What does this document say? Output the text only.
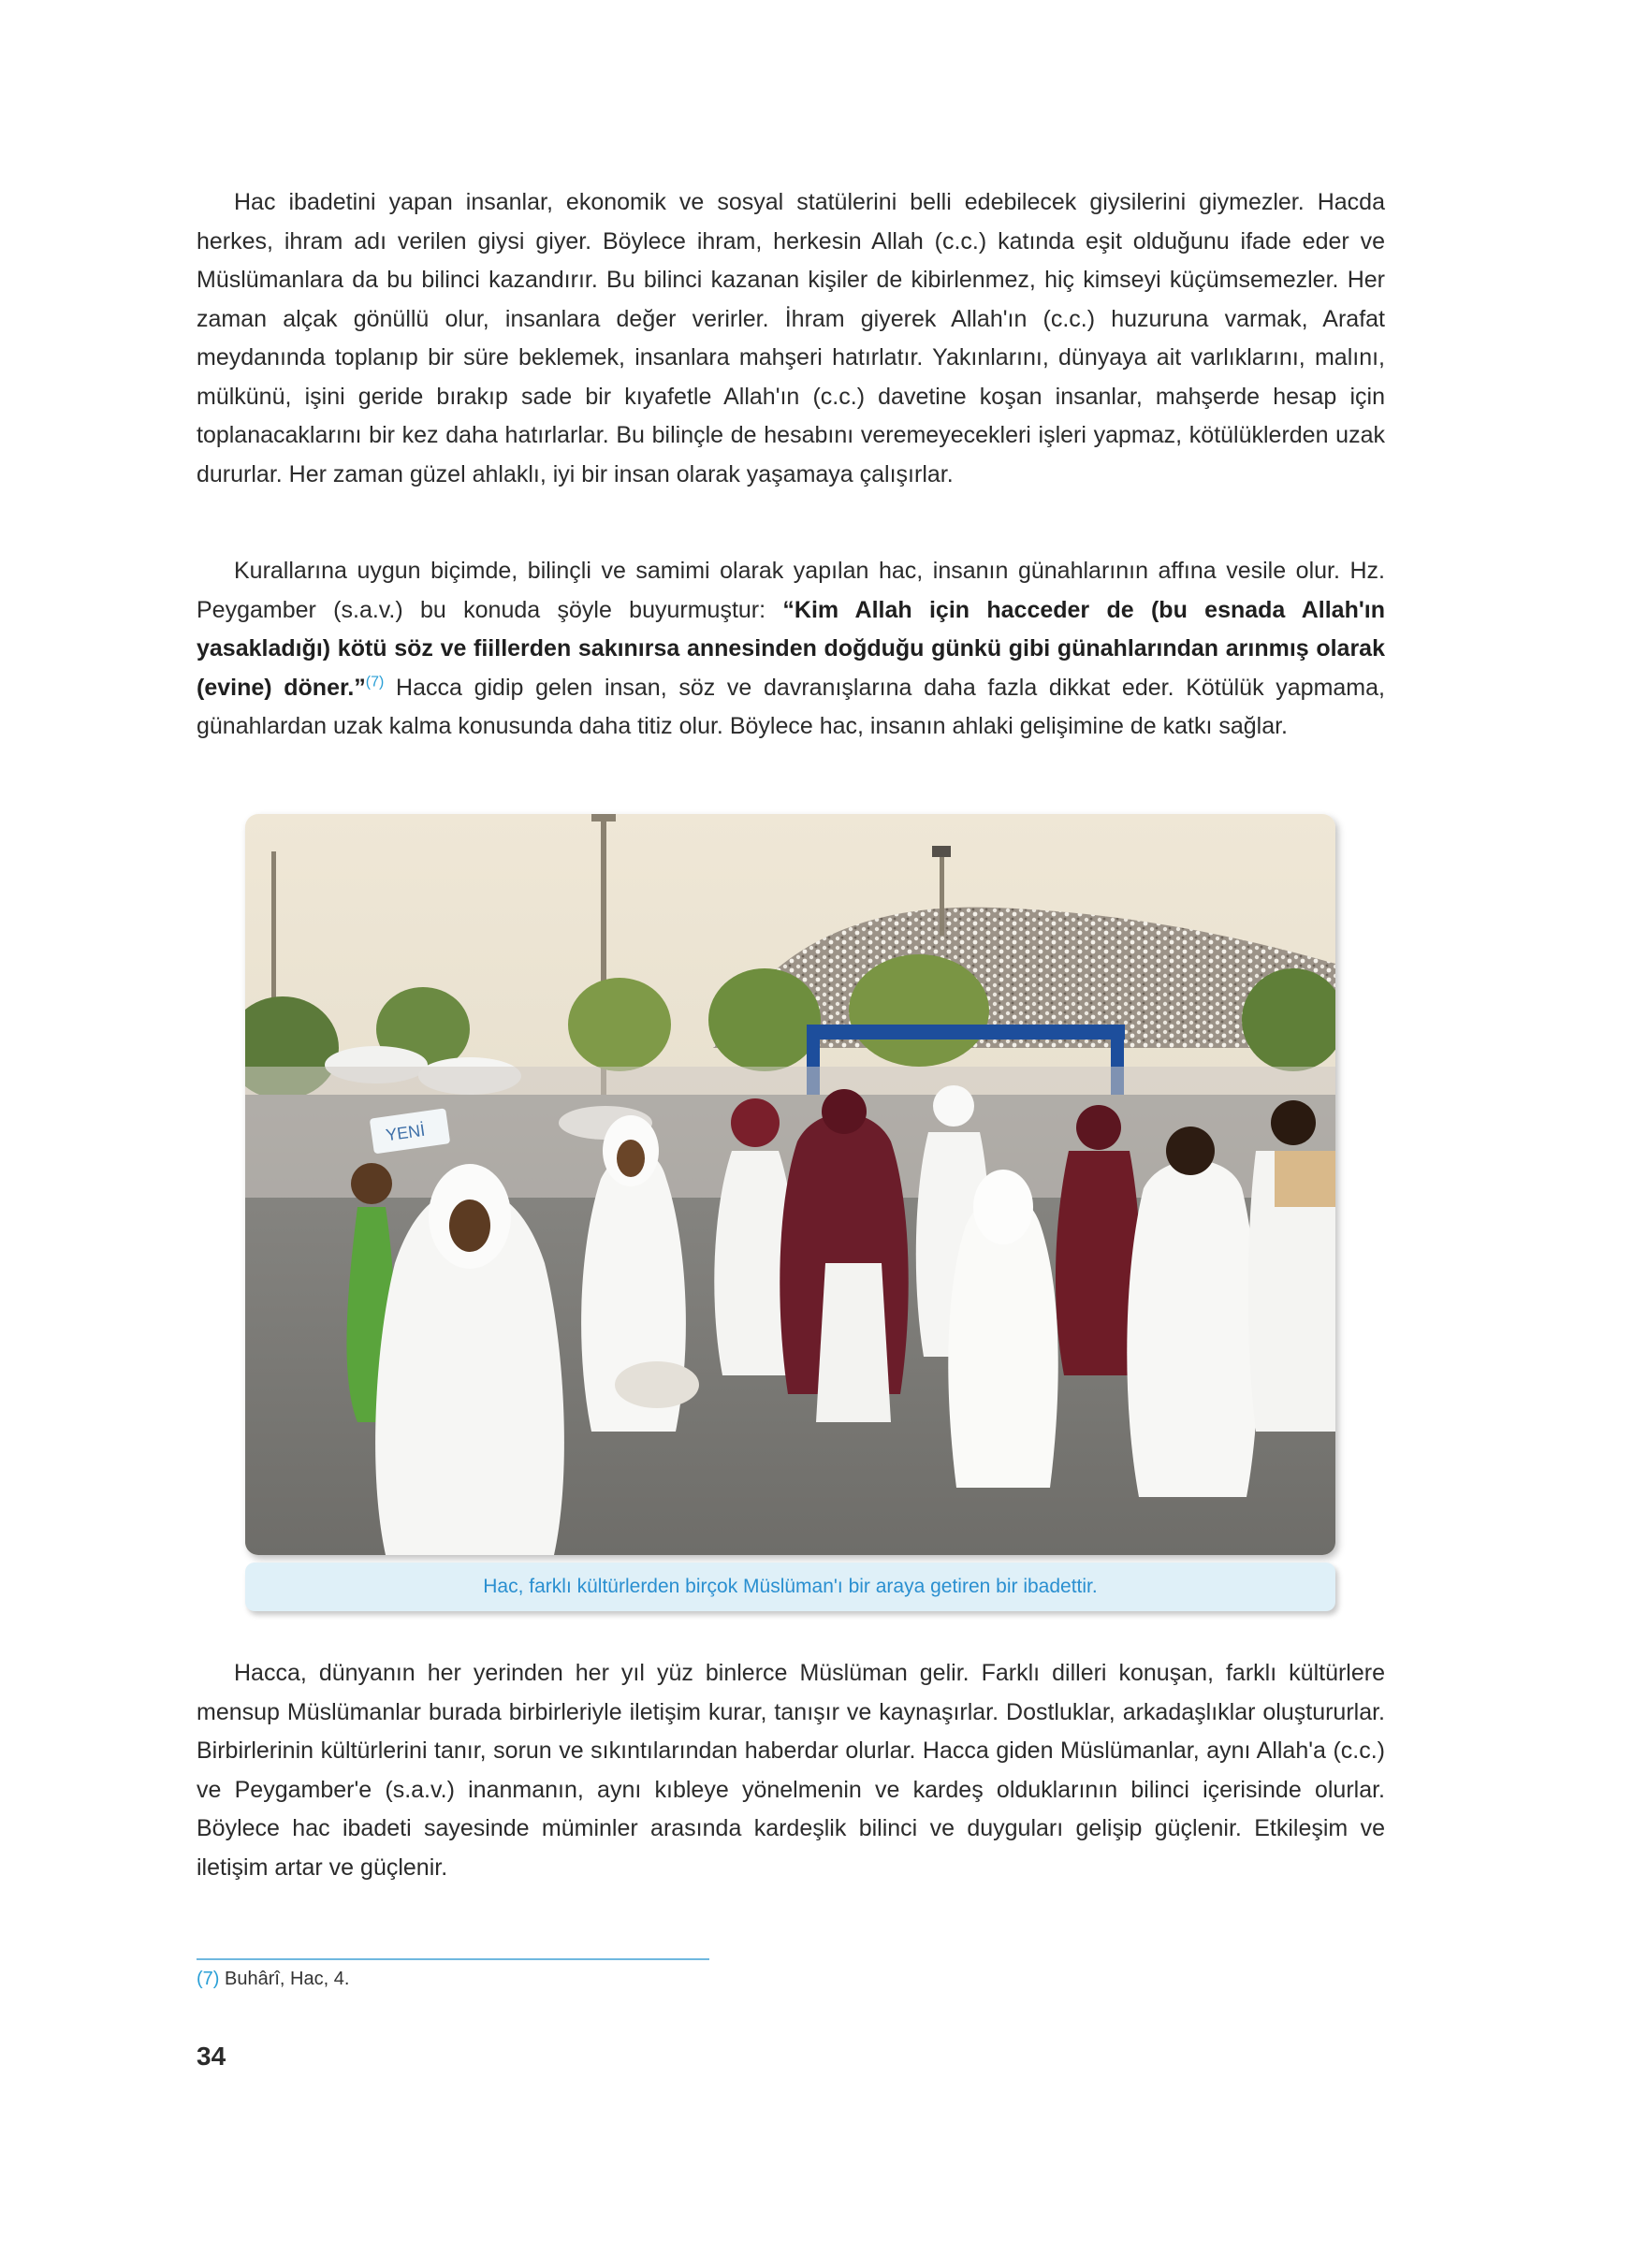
Hac ibadetini yapan insanlar, ekonomik ve sosyal statülerini belli edebilecek giysilerini giymezler. Hacda herkes, ihram adı verilen giysi giyer. Böylece ihram, herkesin Allah (c.c.) katında eşit olduğunu ifade eder ve Müslümanlara da bu bilinci kazandırır. Bu bilinci kazanan kişiler de kibirlenmez, hiç kimseyi küçümsemezler. Her zaman alçak gönüllü olur, insanlara değer verirler. İhram giyerek Allah'ın (c.c.) huzuruna varmak, Arafat meydanında toplanıp bir süre beklemek, insanlara mahşeri hatırlatır. Yakınlarını, dünyaya ait varlıklarını, malını, mülkünü, işini geride bırakıp sade bir kıyafetle Allah'ın (c.c.) davetine koşan insanlar, mahşerde hesap için toplanacaklarını bir kez daha hatırlarlar. Bu bilinçle de hesabını veremeyecekleri işleri yapmaz, kötülüklerden uzak dururlar. Her zaman güzel ahlaklı, iyi bir insan olarak yaşamaya çalışırlar.

Kurallarına uygun biçimde, bilinçli ve samimi olarak yapılan hac, insanın günahlarının affına vesile olur. Hz. Peygamber (s.a.v.) bu konuda şöyle buyurmuştur: “Kim Allah için hacceder de (bu esnada Allah'ın yasakladığı) kötü söz ve fiillerden sakınırsa annesinden doğduğu günkü gibi günahlarından arınmış olarak (evine) döner.”$^{(7)}$ Hacca gidip gelen insan, söz ve davranışlarına daha fazla dikkat eder. Kötülük yapmama, günahlardan uzak kalma konusunda daha titiz olur. Böylece hac, insanın ahlaki gelişimine de katkı sağlar.

YENİ
Hac, farklı kültürlerden birçok Müslüman'ı bir araya getiren bir ibadettir.

Hacca, dünyanın her yerinden her yıl yüz binlerce Müslüman gelir. Farklı dilleri konuşan, farklı kültürlere mensup Müslümanlar burada birbirleriyle iletişim kurar, tanışır ve kaynaşırlar. Dostluklar, arkadaşlıklar oluştururlar. Birbirlerinin kültürlerini tanır, sorun ve sıkıntılarından haberdar olurlar. Hacca giden Müslümanlar, aynı Allah'a (c.c.) ve Peygamber'e (s.a.v.) inanmanın, aynı kıbleye yönelmenin ve kardeş olduklarının bilinci içerisinde olurlar. Böylece hac ibadeti sayesinde müminler arasında kardeşlik bilinci ve duyguları gelişip güçlenir. Etkileşim ve iletişim artar ve güçlenir.

(7) Buhârî, Hac, 4.
34
